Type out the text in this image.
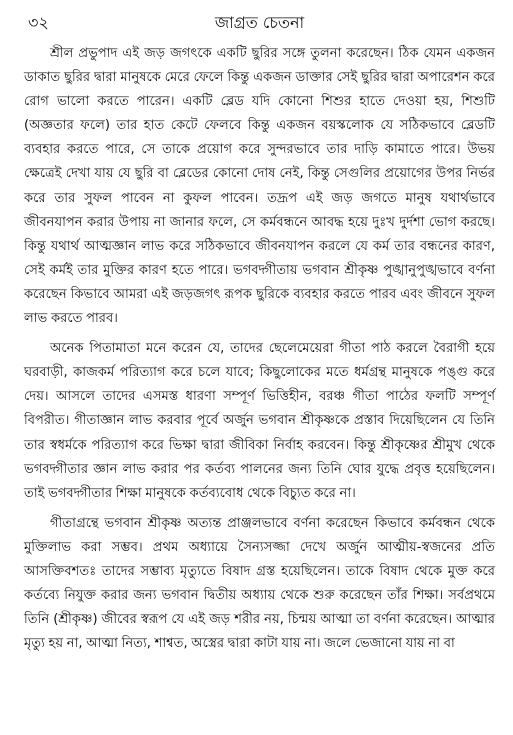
৩২	জাগ্রত চেতনা

শ্রীল প্রভুপাদ এই জড় জগৎকে একটি ছুরির সঙ্গে তুলনা করেছেন। ঠিক যেমন একজন ডাকাত ছুরির দ্বারা মানুষকে মেরে ফেলে কিন্তু একজন ডাক্তার সেই ছুরির দ্বারা অপারেশন করে রোগ ভালো করতে পারেন। একটি ব্লেড যদি কোনো শিশুর হাতে দেওয়া হয়, শিশুটি (অজ্ঞতার ফলে) তার হাত কেটে ফেলবে কিন্তু একজন বয়স্কলোক যে সঠিকভাবে ব্লেডটি ব্যবহার করতে পারে, সে তাকে প্রয়োগ করে সুন্দরভাবে তার দাড়ি কামাতে পারে। উভয় ক্ষেত্রেই দেখা যায় যে ছুরি বা ব্লেডের কোনো দোষ নেই, কিন্তু সেগুলির প্রয়োগের উপর নির্ভর করে তার সুফল পাবেন না কুফল পাবেন। তদ্রূপ এই জড় জগতে মানুষ যথার্থভাবে জীবনযাপন করার উপায় না জানার ফলে, সে কর্মবন্ধনে আবদ্ধ হয়ে দুঃখ দুর্দশা ভোগ করছে। কিন্তু যথার্থ আত্মজ্ঞান লাভ করে সঠিকভাবে জীবনযাপন করলে যে কর্ম তার বন্ধনের কারণ, সেই কর্মই তার মুক্তির কারণ হতে পারে। ভগবদ্গীতায় ভগবান শ্রীকৃষ্ণ পুঙ্খানুপুঙ্খভাবে বর্ণনা করেছেন কিভাবে আমরা এই জড়জগৎ রূপক ছুরিকে ব্যবহার করতে পারব এবং জীবনে সুফল লাভ করতে পারব।

অনেক পিতামাতা মনে করেন যে, তাদের ছেলেমেয়েরা গীতা পাঠ করলে বৈরাগী হয়ে ঘরবাড়ী, কাজকর্ম পরিত্যাগ করে চলে যাবে; কিছুলোকের মতে ধর্মগ্রন্থ মানুষকে পঙ্গু করে দেয়। আসলে তাদের এসমস্ত ধারণা সম্পূর্ণ ভিত্তিহীন, বরঞ্চ গীতা পাঠের ফলটি সম্পূর্ণ বিপরীত। গীতাজ্ঞান লাভ করবার পূর্বে অর্জুন ভগবান শ্রীকৃষ্ণকে প্রস্তাব দিয়েছিলেন যে তিনি তার স্বধর্মকে পরিত্যাগ করে ভিক্ষা দ্বারা জীবিকা নির্বাহ করবেন। কিন্তু শ্রীকৃষ্ণের শ্রীমুখ থেকে ভগবদ্গীতার জ্ঞান লাভ করার পর কর্তব্য পালনের জন্য তিনি ঘোর যুদ্ধে প্রবৃত্ত হয়েছিলেন। তাই ভগবদ্গীতার শিক্ষা মানুষকে কর্তব্যবোধ থেকে বিচ্যুত করে না।

গীতাগ্রন্থে ভগবান শ্রীকৃষ্ণ অত্যন্ত প্রাঞ্জলভাবে বর্ণনা করেছেন কিভাবে কর্মবন্ধন থেকে মুক্তিলাভ করা সম্ভব। প্রথম অধ্যায়ে সৈন্যসজ্জা দেখে অর্জুন আত্মীয়-স্বজনের প্রতি আসক্তিবশতঃ তাদের সম্ভাব্য মৃত্যুতে বিষাদ গ্রস্ত হয়েছিলেন। তাকে বিষাদ থেকে মুক্ত করে কর্তব্যে নিযুক্ত করার জন্য ভগবান দ্বিতীয় অধ্যায় থেকে শুরু করেছেন তাঁর শিক্ষা। সর্বপ্রথমে তিনি (শ্রীকৃষ্ণ) জীবের স্বরূপ যে এই জড় শরীর নয়, চিন্ময় আত্মা তা বর্ণনা করেছেন। আত্মার মৃত্যু হয় না, আত্মা নিত্য, শাশ্বত, অস্ত্রের দ্বারা কাটা যায় না। জলে ভেজানো যায় না বা
